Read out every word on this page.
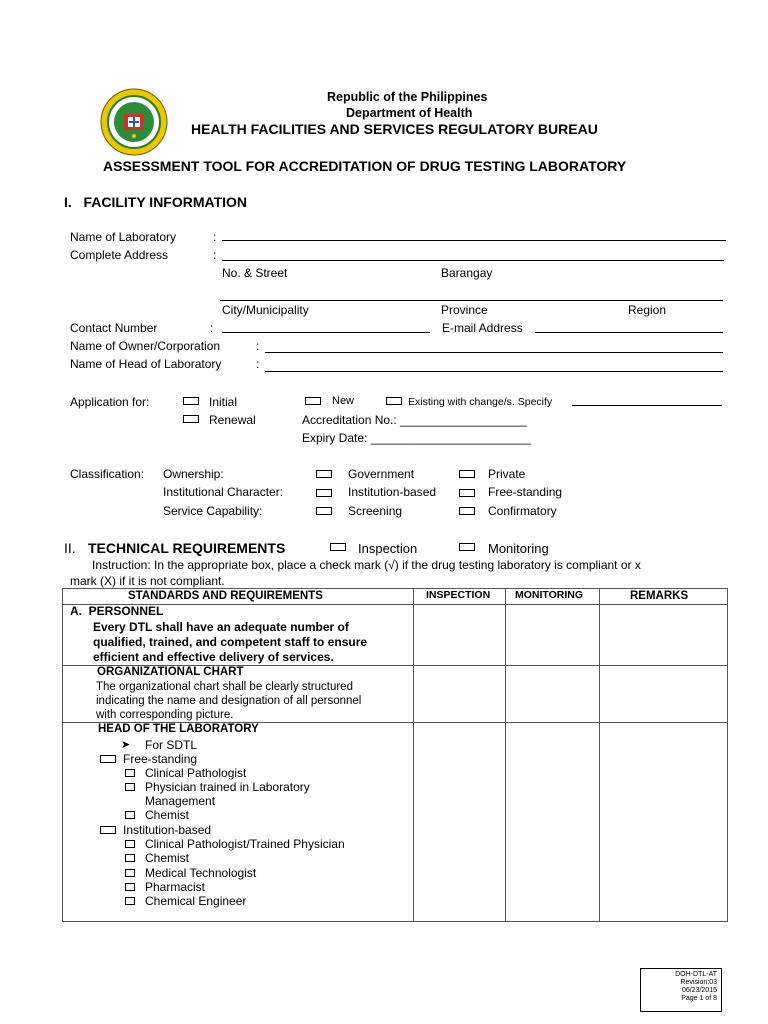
Republic of the Philippines
Department of Health
HEALTH FACILITIES AND SERVICES REGULATORY BUREAU
ASSESSMENT TOOL FOR ACCREDITATION OF DRUG TESTING LABORATORY
I.   FACILITY INFORMATION
Name of Laboratory	:
Complete Address	:
No. & Street	Barangay
City/Municipality	Province	Region
Contact Number	:	E-mail Address
Name of Owner/Corporation	:
Name of Head of Laboratory	:
Application for:	Initial	New	Existing with change/s. Specify
Renewal	Accreditation No.: ___________________
Expiry Date: ________________________
Classification: Ownership:	Government	Private
Institutional Character:	Institution-based	Free-standing
Service Capability:	Screening	Confirmatory
II. TECHNICAL REQUIREMENTS	Inspection	Monitoring
Instruction: In the appropriate box, place a check mark (√) if the drug testing laboratory is compliant or x
mark (X) if it is not compliant.
STANDARDS AND REQUIREMENTS	INSPECTION MONITORING	REMARKS
A.  PERSONNEL
Every DTL shall have an adequate number of
qualified, trained, and competent staff to ensure
efficient and effective delivery of services.
ORGANIZATIONAL CHART
The organizational chart shall be clearly structured
indicating the name and designation of all personnel
with corresponding picture.
HEAD OF THE LABORATORY
➤ For SDTL
Free-standing
Clinical Pathologist
Physician trained in Laboratory
Management
Chemist
Institution-based
Clinical Pathologist/Trained Physician
Chemist
Medical Technologist
Pharmacist
Chemical Engineer
DOH-DTL-AT
Revision:03
06/23/2015
Page 1 of 8
